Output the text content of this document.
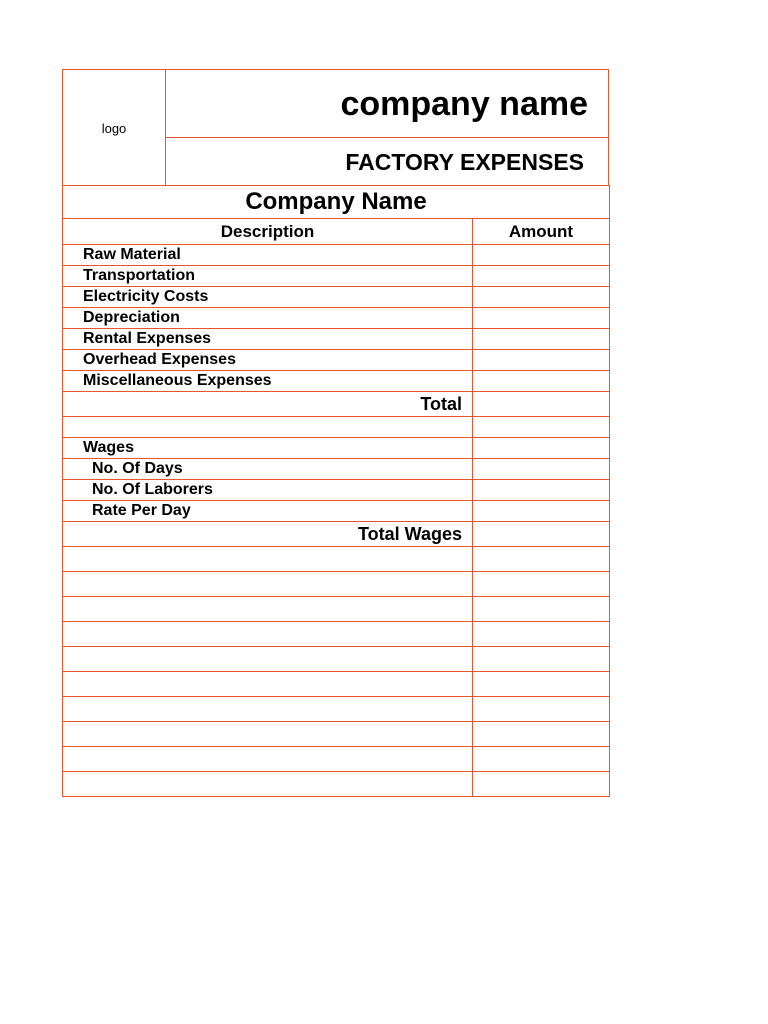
logo
company name
FACTORY EXPENSES
Company Name	
Description	Amount
Raw Material	
Transportation	
Electricity Costs	
Depreciation	
Rental Expenses	
Overhead Expenses	
Miscellaneous Expenses	
Total	

Wages	
No. Of Days	
No. Of Laborers	
Rate Per Day	
Total Wages	
